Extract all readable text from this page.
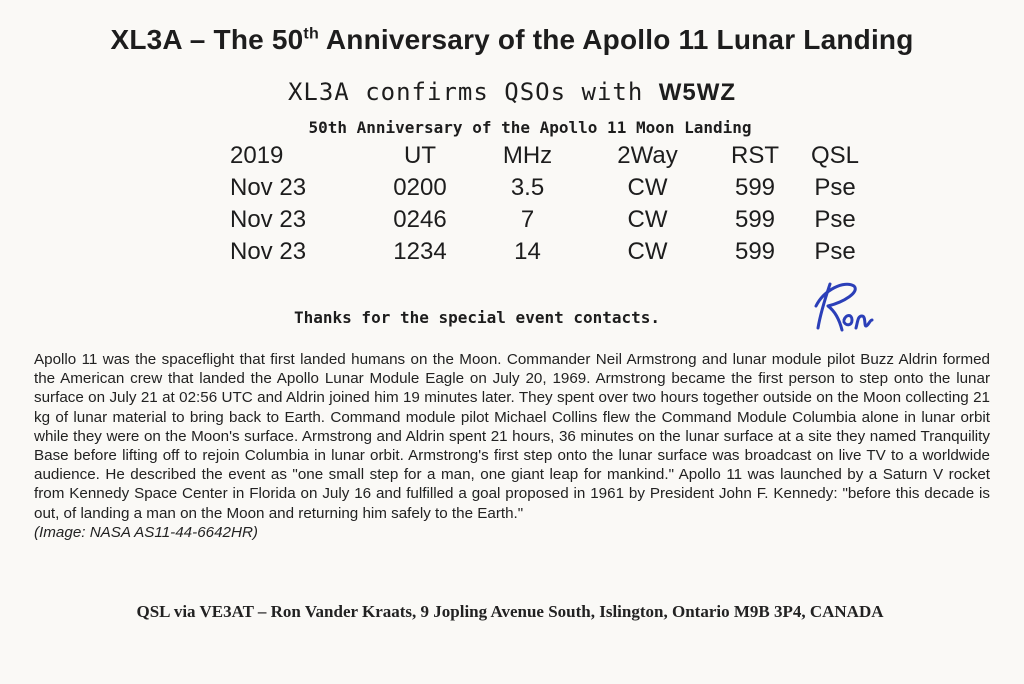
XL3A – The 50th Anniversary of the Apollo 11 Lunar Landing
XL3A confirms QSOs with W5WZ
50th Anniversary of the Apollo 11 Moon Landing
2019	UT	MHz	2Way	RST	QSL
Nov 23	0200	3.5	CW	599	Pse
Nov 23	0246	7	CW	599	Pse
Nov 23	1234	14	CW	599	Pse
Thanks for the special event contacts.
Apollo 11 was the spaceflight that first landed humans on the Moon. Commander Neil Armstrong and lunar module pilot Buzz Aldrin formed the American crew that landed the Apollo Lunar Module Eagle on July 20, 1969. Armstrong became the first person to step onto the lunar surface on July 21 at 02:56 UTC and Aldrin joined him 19 minutes later. They spent over two hours together outside on the Moon collecting 21 kg of lunar material to bring back to Earth. Command module pilot Michael Collins flew the Command Module Columbia alone in lunar orbit while they were on the Moon's surface. Armstrong and Aldrin spent 21 hours, 36 minutes on the lunar surface at a site they named Tranquility Base before lifting off to rejoin Columbia in lunar orbit. Armstrong's first step onto the lunar surface was broadcast on live TV to a worldwide audience. He described the event as "one small step for a man, one giant leap for mankind." Apollo 11 was launched by a Saturn V rocket from Kennedy Space Center in Florida on July 16 and fulfilled a goal proposed in 1961 by President John F. Kennedy: "before this decade is out, of landing a man on the Moon and returning him safely to the Earth."
(Image: NASA AS11-44-6642HR)
QSL via VE3AT – Ron Vander Kraats, 9 Jopling Avenue South, Islington, Ontario M9B 3P4, CANADA
